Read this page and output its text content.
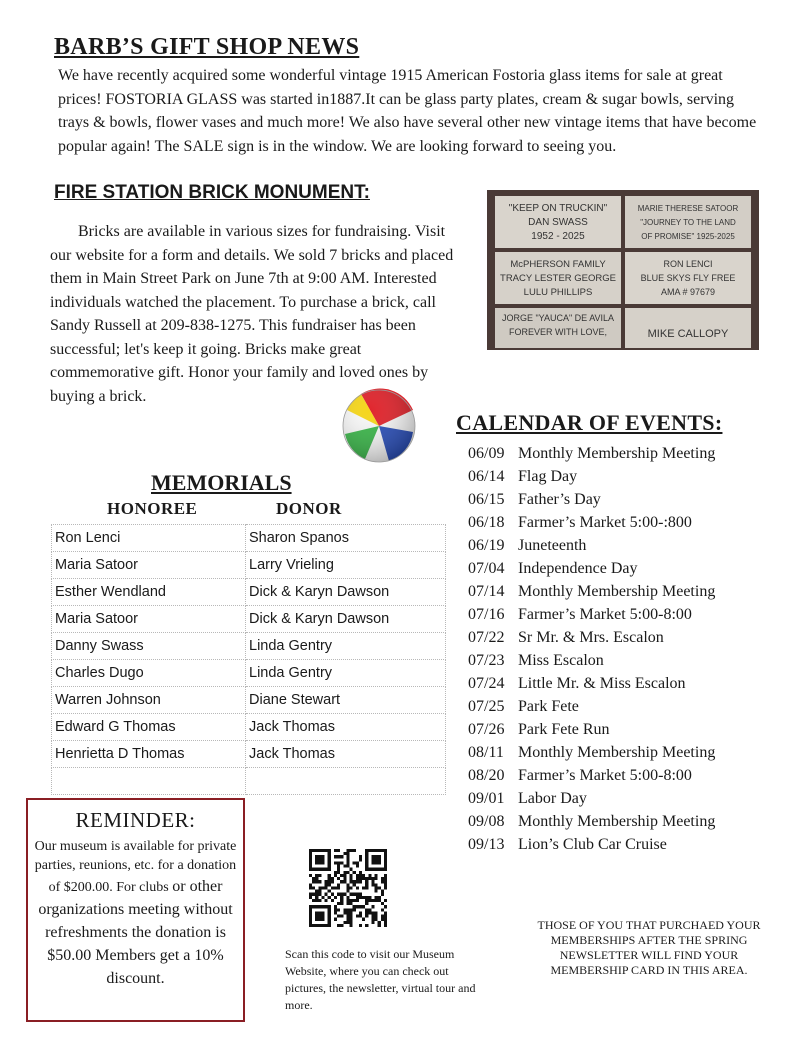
BARB’S GIFT SHOP NEWS

We have recently acquired some wonderful vintage 1915 American Fostoria glass items for sale at great prices! FOSTORIA GLASS was started in1887.It can be glass party plates, cream & sugar bowls, serving trays & bowls, flower vases and much more! We also have several other new vintage items that have become popular again! The SALE sign is in the window. We are looking forward to seeing you.

FIRE STATION BRICK MONUMENT:

Bricks are available in various sizes for fundraising. Visit our website for a form and details. We sold 7 bricks and placed them in Main Street Park on June 7th at 9:00 AM. Interested individuals watched the placement. To purchase a brick, call Sandy Russell at 209-838-1275. This fundraiser has been successful; let's keep it going. Bricks make great commemorative gift. Honor your family and loved ones by buying a brick.

"KEEP ON TRUCKIN"
DAN SWASS
1952 - 2025
MARIE THERESE SATOOR
"JOURNEY TO THE LAND
OF PROMISE" 1925-2025
McPHERSON FAMILY
TRACY LESTER GEORGE
LULU PHILLIPS
RON LENCI
BLUE SKYS FLY FREE
AMA # 97679
JORGE "YAUCA" DE AVILA
FOREVER WITH LOVE,	MIKE CALLOPY
CALENDAR OF EVENTS:
06/09 Monthly Membership Meeting
06/14 Flag Day
06/15 Father’s Day
06/18 Farmer’s Market 5:00-:800
06/19 Juneteenth
07/04 Independence Day
07/14 Monthly Membership Meeting
07/16 Farmer’s Market 5:00-8:00
07/22 Sr Mr. & Mrs. Escalon
07/23 Miss Escalon
07/24 Little Mr. & Miss Escalon
07/25 Park Fete
07/26 Park Fete Run
08/11 Monthly Membership Meeting
08/20 Farmer’s Market 5:00-8:00
09/01 Labor Day
09/08 Monthly Membership Meeting
09/13 Lion’s Club Car Cruise
MEMORIALS
HONOREE	DONOR
Ron Lenci	Sharon Spanos
Maria Satoor	Larry Vrieling
Esther Wendland	Dick & Karyn Dawson
Maria Satoor	Dick & Karyn Dawson
Danny Swass	Linda Gentry
Charles Dugo	Linda Gentry
Warren Johnson	Diane Stewart
Edward G Thomas	Jack Thomas
Henrietta D Thomas	Jack Thomas

REMINDER:
Our museum is available for private parties, reunions, etc. for a donation of $200.00. For clubs or other organizations meeting without refreshments the donation is $50.00 Members get a 10% discount.

Scan this code to visit our Museum Website, where you can check out pictures, the newsletter, virtual tour and more.

THOSE OF YOU THAT PURCHAED YOUR MEMBERSHIPS AFTER THE SPRING NEWSLETTER WILL FIND YOUR MEMBERSHIP CARD IN THIS AREA.
